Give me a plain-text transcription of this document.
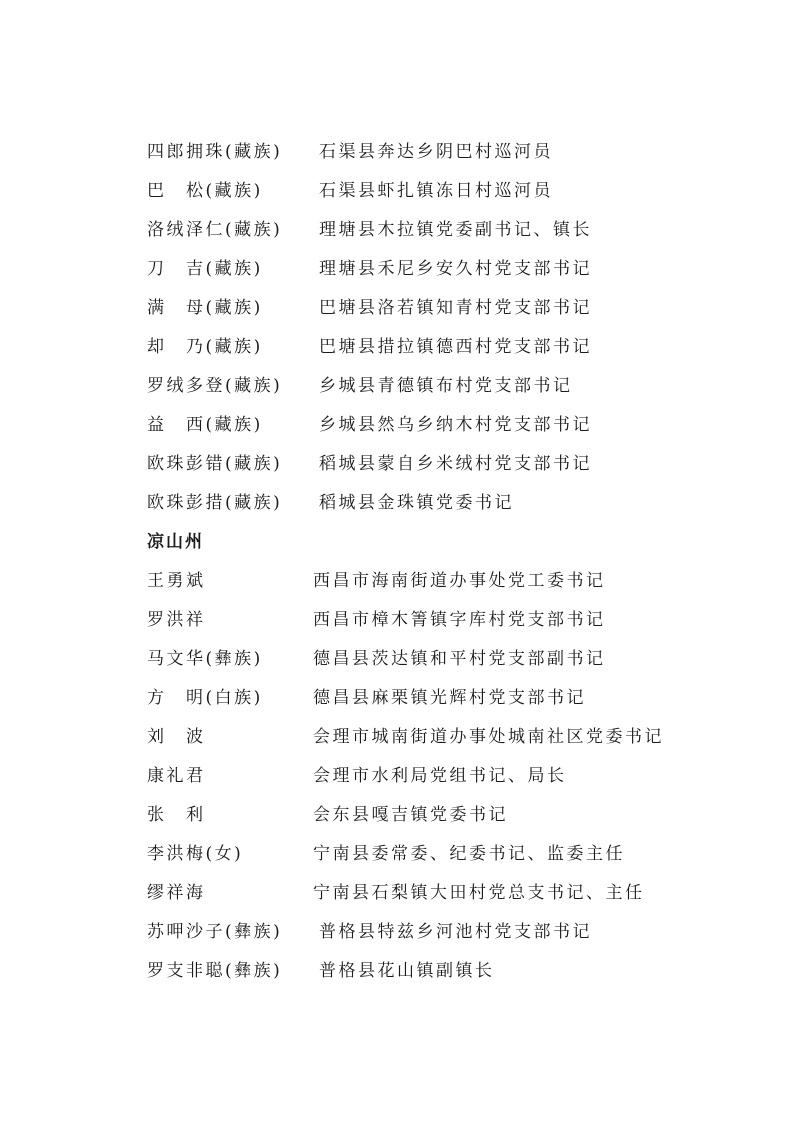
四郎拥珠(藏族) 石渠县奔达乡阴巴村巡河员
巴　松(藏族)	石渠县虾扎镇冻日村巡河员
洛绒泽仁(藏族) 理塘县木拉镇党委副书记、镇长
刀　吉(藏族)	理塘县禾尼乡安久村党支部书记
满　母(藏族)	巴塘县洛若镇知青村党支部书记
却　乃(藏族)	巴塘县措拉镇德西村党支部书记
罗绒多登(藏族) 乡城县青德镇布村党支部书记
益　西(藏族)	乡城县然乌乡纳木村党支部书记
欧珠彭错(藏族) 稻城县蒙自乡米绒村党支部书记
欧珠彭措(藏族) 稻城县金珠镇党委书记
凉山州
王勇斌	西昌市海南街道办事处党工委书记
罗洪祥	西昌市樟木箐镇字库村党支部书记
马文华(彝族)	德昌县茨达镇和平村党支部副书记
方　明(白族)	德昌县麻栗镇光辉村党支部书记
刘　波	会理市城南街道办事处城南社区党委书记
康礼君	会理市水利局党组书记、局长
张　利	会东县嘎吉镇党委书记
李洪梅(女)	宁南县委常委、纪委书记、监委主任
缪祥海	宁南县石梨镇大田村党总支书记、主任
苏呷沙子(彝族) 普格县特兹乡河池村党支部书记
罗支非聪(彝族) 普格县花山镇副镇长
